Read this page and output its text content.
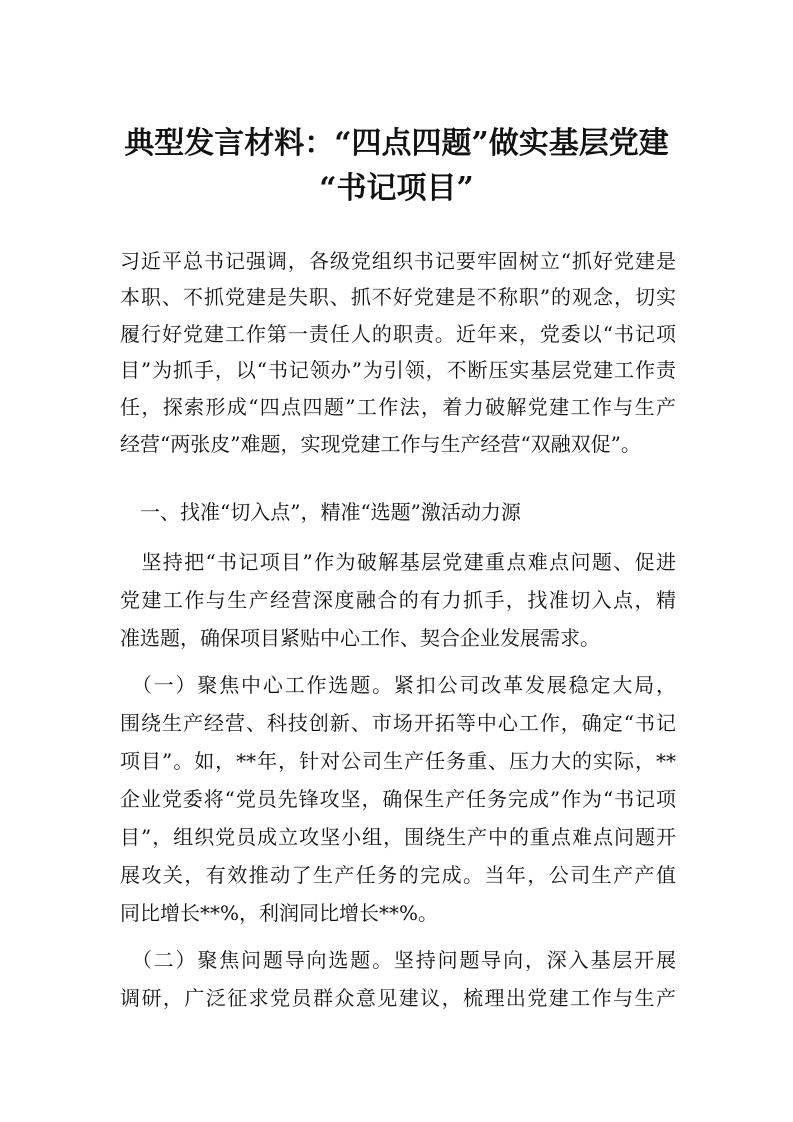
典型发言材料：“四点四题”做实基层党建
“书记项目”
习近平总书记强调，各级党组织书记要牢固树立“抓好党建是
本职、不抓党建是失职、抓不好党建是不称职”的观念，切实
履行好党建工作第一责任人的职责。近年来，党委以“书记项
目”为抓手，以“书记领办”为引领，不断压实基层党建工作责
任，探索形成“四点四题”工作法，着力破解党建工作与生产
经营“两张皮”难题，实现党建工作与生产经营“双融双促”。
　一、找准“切入点”，精准“选题”激活动力源
　坚持把“书记项目”作为破解基层党建重点难点问题、促进
党建工作与生产经营深度融合的有力抓手，找准切入点，精
准选题，确保项目紧贴中心工作、契合企业发展需求。
　（一）聚焦中心工作选题。紧扣公司改革发展稳定大局，
围绕生产经营、科技创新、市场开拓等中心工作，确定“书记
项目”。如，**年，针对公司生产任务重、压力大的实际，**
企业党委将“党员先锋攻坚，确保生产任务完成”作为“书记项
目”，组织党员成立攻坚小组，围绕生产中的重点难点问题开
展攻关，有效推动了生产任务的完成。当年，公司生产产值
同比增长**%，利润同比增长**%。
　（二）聚焦问题导向选题。坚持问题导向，深入基层开展
调研，广泛征求党员群众意见建议，梳理出党建工作与生产
